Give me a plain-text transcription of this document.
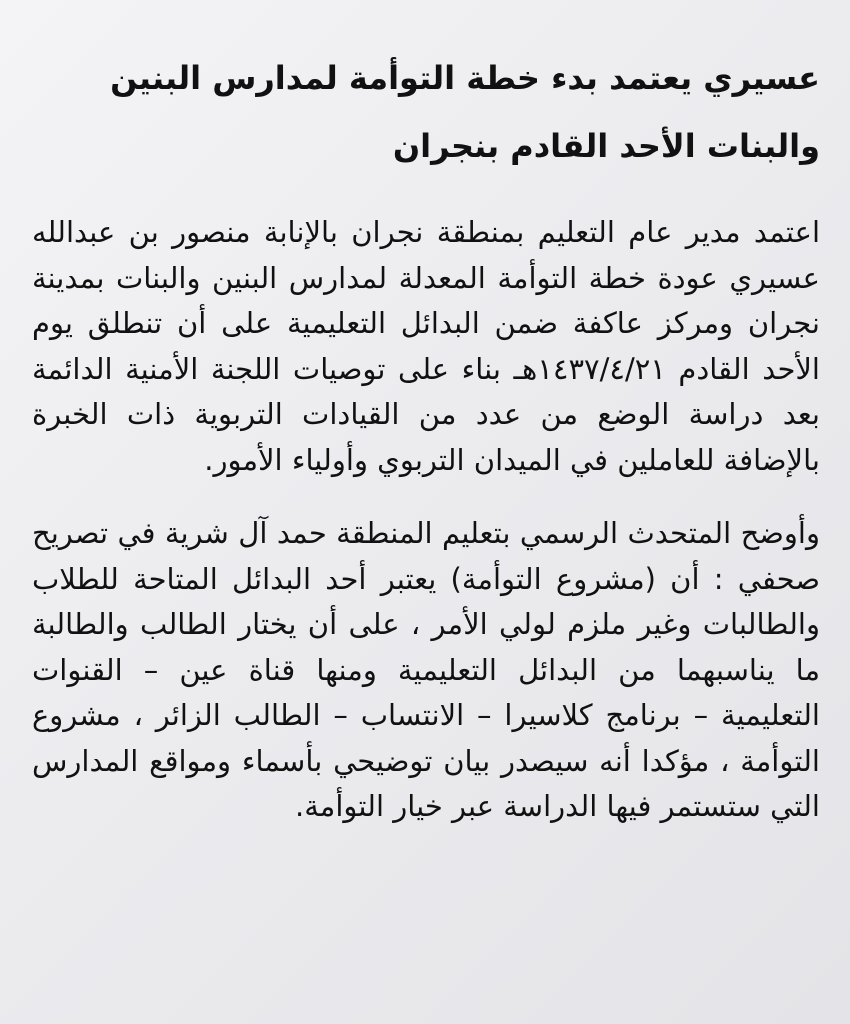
عسيري يعتمد بدء خطة التوأمة لمدارس البنين والبنات الأحد القادم بنجران

اعتمد مدير عام التعليم بمنطقة نجران بالإنابة منصور بن عبدالله عسيري عودة خطة التوأمة المعدلة لمدارس البنين والبنات بمدينة نجران ومركز عاكفة ضمن البدائل التعليمية على أن تنطلق يوم الأحد القادم ١٤٣٧/٤/٢١هـ بناء على توصيات اللجنة الأمنية الدائمة بعد دراسة الوضع من عدد من القيادات التربوية ذات الخبرة بالإضافة للعاملين في الميدان التربوي وأولياء الأمور.

وأوضح المتحدث الرسمي بتعليم المنطقة حمد آل شرية في تصريح صحفي : أن (مشروع التوأمة) يعتبر أحد البدائل المتاحة للطلاب والطالبات وغير ملزم لولي الأمر ، على أن يختار الطالب والطالبة ما يناسبهما من البدائل التعليمية ومنها قناة عين – القنوات التعليمية – برنامج كلاسيرا – الانتساب – الطالب الزائر ، مشروع التوأمة ، مؤكدا أنه سيصدر بيان توضيحي بأسماء ومواقع المدارس التي ستستمر فيها الدراسة عبر خيار التوأمة.
